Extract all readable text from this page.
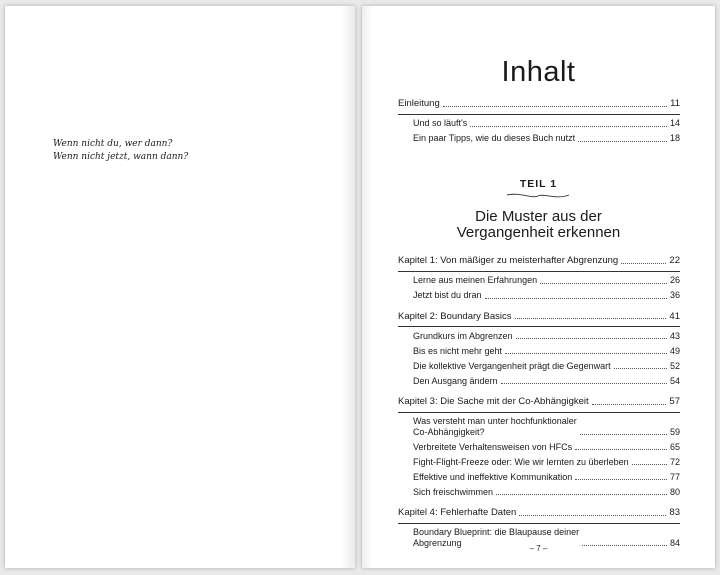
Wenn nicht du, wer dann?
Wenn nicht jetzt, wann dann?
Inhalt
Einleitung	11
Und so läuft's	14
Ein paar Tipps, wie du dieses Buch nutzt	18
TEIL 1
Die Muster aus der
Vergangenheit erkennen
Kapitel 1: Von mäßiger zu meisterhafter Abgrenzung	22
Lerne aus meinen Erfahrungen	26
Jetzt bist du dran	36
Kapitel 2: Boundary Basics	41
Grundkurs im Abgrenzen	43
Bis es nicht mehr geht	49
Die kollektive Vergangenheit prägt die Gegenwart	52
Den Ausgang ändern	54
Kapitel 3: Die Sache mit der Co-Abhängigkeit	57
Was versteht man unter hochfunktionaler
Co-Abhängigkeit?	59
Verbreitete Verhaltensweisen von HFCs	65
Fight-Flight-Freeze oder: Wie wir lernten zu überleben	72
Effektive und ineffektive Kommunikation	77
Sich freischwimmen	80
Kapitel 4: Fehlerhafte Daten	83
Boundary Blueprint: die Blaupause deiner
Abgrenzung	84
– 7 –
